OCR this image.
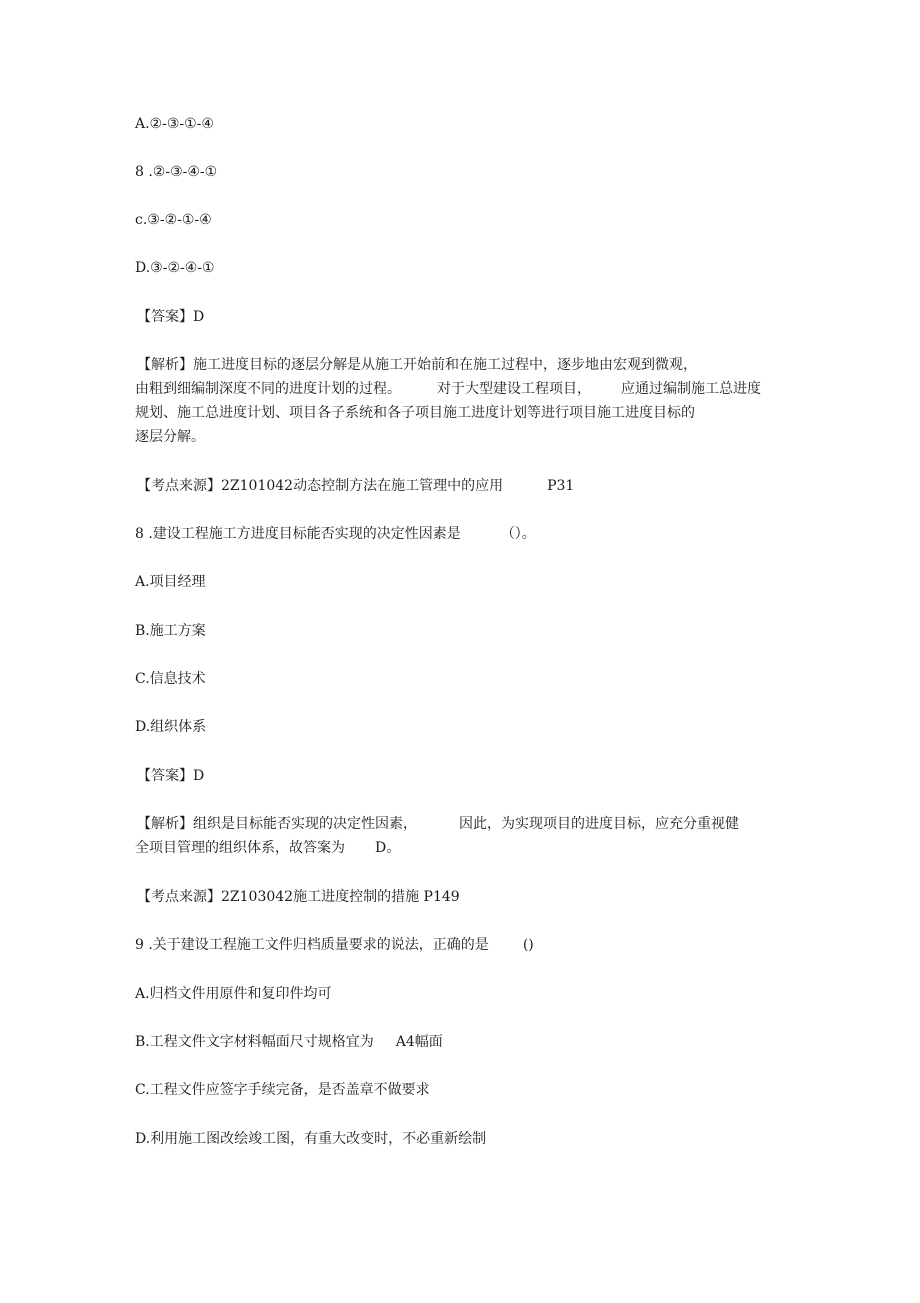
A.②-③-①-④

8 .②-③-④-①

c.③-②-①-④

D.③-②-④-①

【答案】D

【解析】施工进度目标的逐层分解是从施工开始前和在施工过程中，逐步地由宏观到微观，

由粗到细编制深度不同的进度计划的过程。	对于大型建设工程项目， 应通过编制施工总进度

规划、施工总进度计划、项目各子系统和各子项目施工进度计划等进行项目施工进度目标的

逐层分解。

【考点来源】2Z101042动态控制方法在施工管理中的应用	P31

8 .建设工程施工方进度目标能否实现的决定性因素是	（）。

A.项目经理

B.施工方案

C.信息技术

D.组织体系

【答案】D

【解析】组织是目标能否实现的决定性因素，	因此，为实现项目的进度目标，应充分重视健

全项目管理的组织体系，故答案为 D。

【考点来源】2Z103042施工进度控制的措施 P149

9 .关于建设工程施工文件归档质量要求的说法，正确的是 ()

A.归档文件用原件和复印件均可

B.工程文件文字材料幅面尺寸规格宜为 A4幅面

C.工程文件应签字手续完备，是否盖章不做要求

D.利用施工图改绘竣工图，有重大改变时，不必重新绘制
